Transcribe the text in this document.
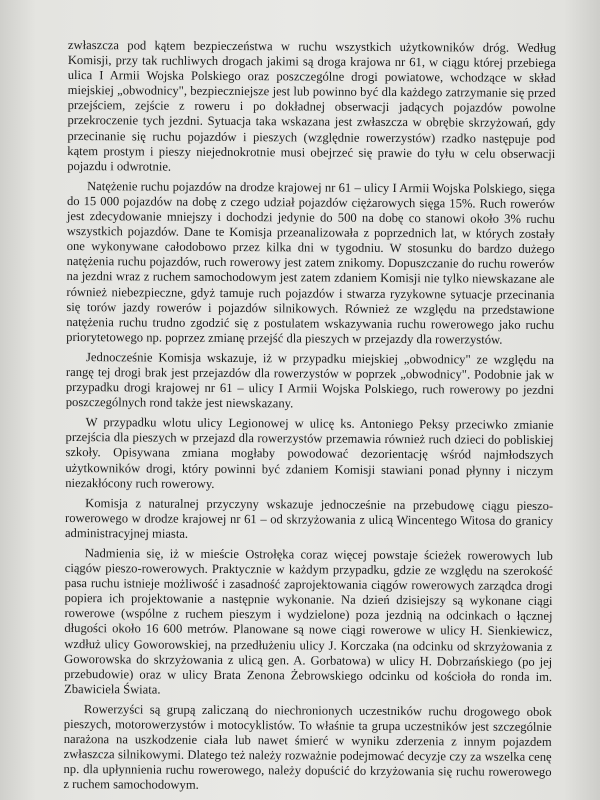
zwłaszcza pod kątem bezpieczeństwa w ruchu wszystkich użytkowników dróg. Według Komisji, przy tak ruchliwych drogach jakimi są droga krajowa nr 61, w ciągu której przebiega ulica I Armii Wojska Polskiego oraz poszczególne drogi powiatowe, wchodzące w skład miejskiej „obwodnicy", bezpieczniejsze jest lub powinno być dla każdego zatrzymanie się przed przejściem, zejście z roweru i po dokładnej obserwacji jadących pojazdów powolne przekroczenie tych jezdni. Sytuacja taka wskazana jest zwłaszcza w obrębie skrzyżowań, gdy przecinanie się ruchu pojazdów i pieszych (względnie rowerzystów) rzadko następuje pod kątem prostym i pieszy niejednokrotnie musi obejrzeć się prawie do tyłu w celu obserwacji pojazdu i odwrotnie.

Natężenie ruchu pojazdów na drodze krajowej nr 61 – ulicy I Armii Wojska Polskiego, sięga do 15 000 pojazdów na dobę z czego udział pojazdów ciężarowych sięga 15%. Ruch rowerów jest zdecydowanie mniejszy i dochodzi jedynie do 500 na dobę co stanowi około 3% ruchu wszystkich pojazdów. Dane te Komisja przeanalizowała z poprzednich lat, w których zostały one wykonywane całodobowo przez kilka dni w tygodniu. W stosunku do bardzo dużego natężenia ruchu pojazdów, ruch rowerowy jest zatem znikomy. Dopuszczanie do ruchu rowerów na jezdni wraz z ruchem samochodowym jest zatem zdaniem Komisji nie tylko niewskazane ale również niebezpieczne, gdyż tamuje ruch pojazdów i stwarza ryzykowne sytuacje przecinania się torów jazdy rowerów i pojazdów silnikowych. Również ze względu na przedstawione natężenia ruchu trudno zgodzić się z postulatem wskazywania ruchu rowerowego jako ruchu priorytetowego np. poprzez zmianę przejść dla pieszych w przejazdy dla rowerzystów.

Jednocześnie Komisja wskazuje, iż w przypadku miejskiej „obwodnicy" ze względu na rangę tej drogi brak jest przejazdów dla rowerzystów w poprzek „obwodnicy". Podobnie jak w przypadku drogi krajowej nr 61 – ulicy I Armii Wojska Polskiego, ruch rowerowy po jezdni poszczególnych rond także jest niewskazany.

W przypadku wlotu ulicy Legionowej w ulicę ks. Antoniego Peksy przeciwko zmianie przejścia dla pieszych w przejazd dla rowerzystów przemawia również ruch dzieci do pobliskiej szkoły. Opisywana zmiana mogłaby powodować dezorientację wśród najmłodszych użytkowników drogi, który powinni być zdaniem Komisji stawiani ponad płynny i niczym niezakłócony ruch rowerowy.

Komisja z naturalnej przyczyny wskazuje jednocześnie na przebudowę ciągu pieszo-rowerowego w drodze krajowej nr 61 – od skrzyżowania z ulicą Wincentego Witosa do granicy administracyjnej miasta.

Nadmienia się, iż w mieście Ostrołęka coraz więcej powstaje ścieżek rowerowych lub ciągów pieszo-rowerowych. Praktycznie w każdym przypadku, gdzie ze względu na szerokość pasa ruchu istnieje możliwość i zasadność zaprojektowania ciągów rowerowych zarządca drogi popiera ich projektowanie a następnie wykonanie. Na dzień dzisiejszy są wykonane ciągi rowerowe (wspólne z ruchem pieszym i wydzielone) poza jezdnią na odcinkach o łącznej długości około 16 600 metrów. Planowane są nowe ciągi rowerowe w ulicy H. Sienkiewicz, wzdłuż ulicy Goworowskiej, na przedłużeniu ulicy J. Korczaka (na odcinku od skrzyżowania z Goworowska do skrzyżowania z ulicą gen. A. Gorbatowa) w ulicy H. Dobrzańskiego (po jej przebudowie) oraz w ulicy Brata Zenona Żebrowskiego odcinku od kościoła do ronda im. Zbawiciela Świata.

Rowerzyści są grupą zaliczaną do niechronionych uczestników ruchu drogowego obok pieszych, motorowerzystów i motocyklistów. To właśnie ta grupa uczestników jest szczególnie narażona na uszkodzenie ciała lub nawet śmierć w wyniku zderzenia z innym pojazdem zwłaszcza silnikowymi. Dlatego też należy rozważnie podejmować decyzje czy za wszelka cenę np. dla upłynnienia ruchu rowerowego, należy dopuścić do krzyżowania się ruchu rowerowego z ruchem samochodowym.
